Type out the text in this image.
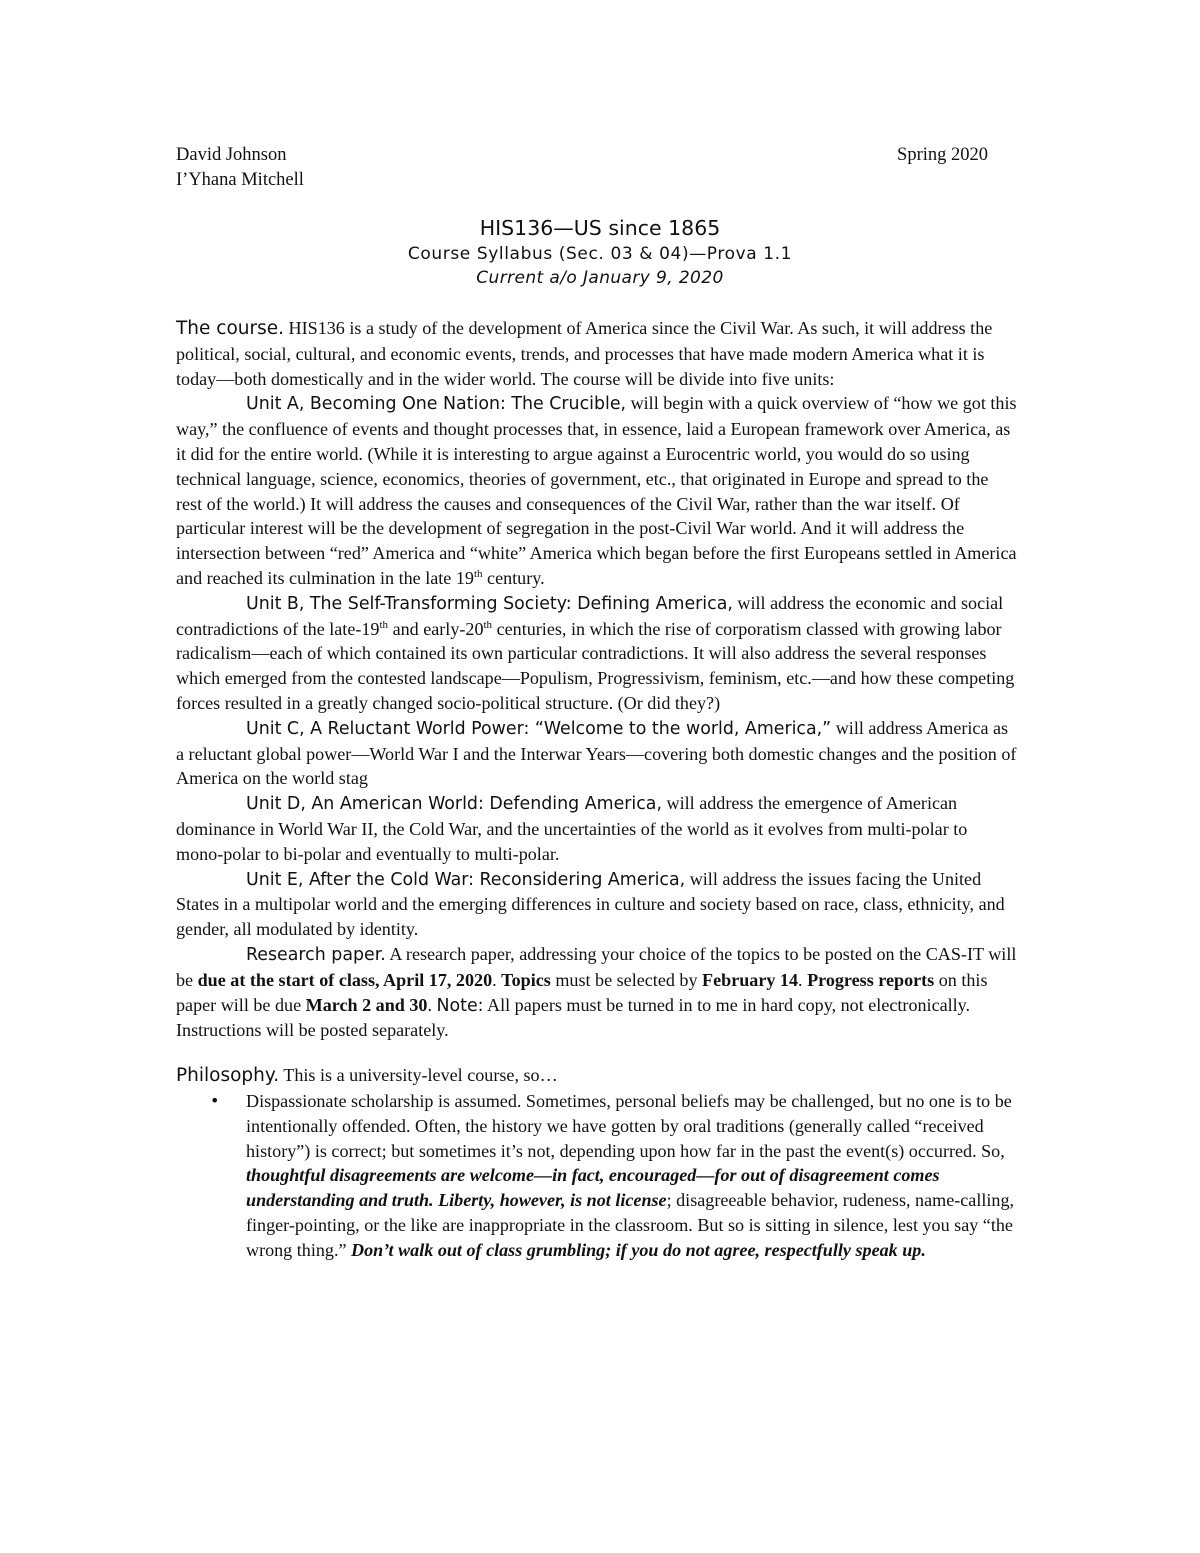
David Johnson
I’Yhana Mitchell
Spring 2020
HIS136—US since 1865
Course Syllabus (Sec. 03 & 04)—Prova 1.1
Current a/o January 9, 2020

The course. HIS136 is a study of the development of America since the Civil War. As such, it will address the political, social, cultural, and economic events, trends, and processes that have made modern America what it is today—both domestically and in the wider world. The course will be divide into five units:

Unit A, Becoming One Nation: The Crucible, will begin with a quick overview of “how we got this way,” the confluence of events and thought processes that, in essence, laid a European framework over America, as it did for the entire world. (While it is interesting to argue against a Eurocentric world, you would do so using technical language, science, economics, theories of government, etc., that originated in Europe and spread to the rest of the world.) It will address the causes and consequences of the Civil War, rather than the war itself. Of particular interest will be the development of segregation in the post-Civil War world. And it will address the intersection between “red” America and “white” America which began before the first Europeans settled in America and reached its culmination in the late 19th century.

Unit B, The Self-Transforming Society: Defining America, will address the economic and social contradictions of the late-19th and early-20th centuries, in which the rise of corporatism classed with growing labor radicalism—each of which contained its own particular contradictions. It will also address the several responses which emerged from the contested landscape—Populism, Progressivism, feminism, etc.—and how these competing forces resulted in a greatly changed socio-political structure. (Or did they?)

Unit C, A Reluctant World Power: “Welcome to the world, America,” will address America as a reluctant global power—World War I and the Interwar Years—covering both domestic changes and the position of America on the world stag

Unit D, An American World: Defending America, will address the emergence of American dominance in World War II, the Cold War, and the uncertainties of the world as it evolves from multi-polar to mono-polar to bi-polar and eventually to multi-polar.

Unit E, After the Cold War: Reconsidering America, will address the issues facing the United States in a multipolar world and the emerging differences in culture and society based on race, class, ethnicity, and gender, all modulated by identity.

Research paper. A research paper, addressing your choice of the topics to be posted on the CAS-IT will be due at the start of class, April 17, 2020. Topics must be selected by February 14. Progress reports on this paper will be due March 2 and 30. Note: All papers must be turned in to me in hard copy, not electronically. Instructions will be posted separately.

Philosophy. This is a university-level course, so…

• Dispassionate scholarship is assumed. Sometimes, personal beliefs may be challenged, but no one is to be intentionally offended. Often, the history we have gotten by oral traditions (generally called “received history”) is correct; but sometimes it’s not, depending upon how far in the past the event(s) occurred. So, thoughtful disagreements are welcome—in fact, encouraged—for out of disagreement comes understanding and truth. Liberty, however, is not license; disagreeable behavior, rudeness, name-calling, finger-pointing, or the like are inappropriate in the classroom. But so is sitting in silence, lest you say “the wrong thing.” Don’t walk out of class grumbling; if you do not agree, respectfully speak up.
